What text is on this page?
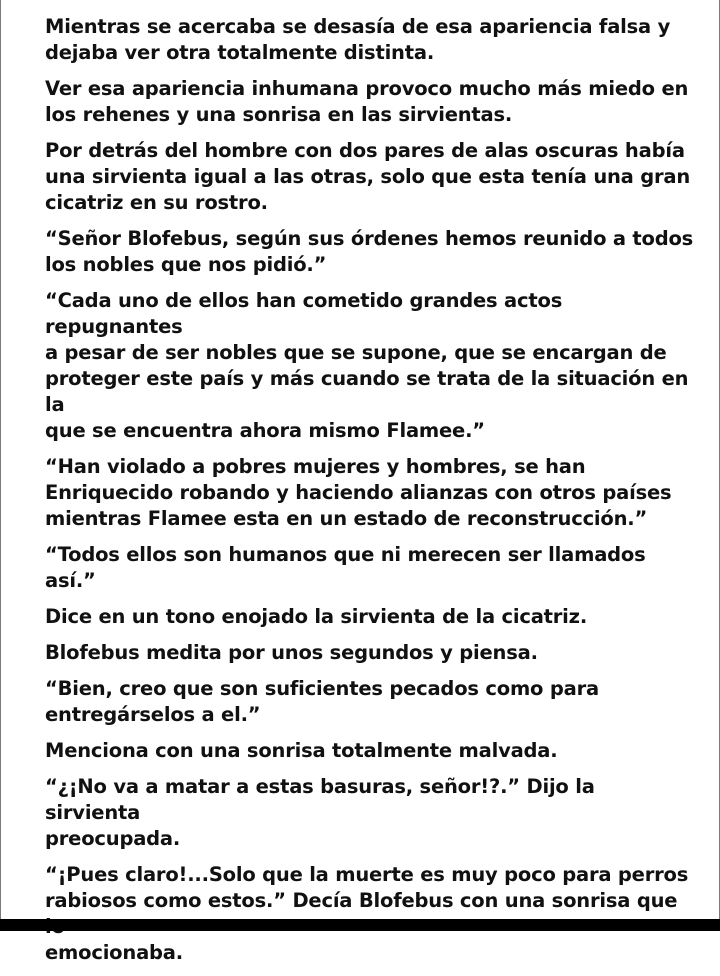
Mientras se acercaba se desasía de esa apariencia falsa y
dejaba ver otra totalmente distinta.

Ver esa apariencia inhumana provoco mucho más miedo en
los rehenes y una sonrisa en las sirvientas.

Por detrás del hombre con dos pares de alas oscuras había
una sirvienta igual a las otras, solo que esta tenía una gran
cicatriz en su rostro.

“Señor Blofebus, según sus órdenes hemos reunido a todos
los nobles que nos pidió.”

“Cada uno de ellos han cometido grandes actos repugnantes
a pesar de ser nobles que se supone, que se encargan de
proteger este país y más cuando se trata de la situación en la
que se encuentra ahora mismo Flamee.”

“Han violado a pobres mujeres y hombres, se han
Enriquecido robando y haciendo alianzas con otros países
mientras Flamee esta en un estado de reconstrucción.”

“Todos ellos son humanos que ni merecen ser llamados así.”

Dice en un tono enojado la sirvienta de la cicatriz.

Blofebus medita por unos segundos y piensa.

“Bien, creo que son suficientes pecados como para
entregárselos a el.”

Menciona con una sonrisa totalmente malvada.

“¿¡No va a matar a estas basuras, señor!?.” Dijo la sirvienta
preocupada.

“¡Pues claro!...Solo que la muerte es muy poco para perros
rabiosos como estos.” Decía Blofebus con una sonrisa que
emocionaba.
